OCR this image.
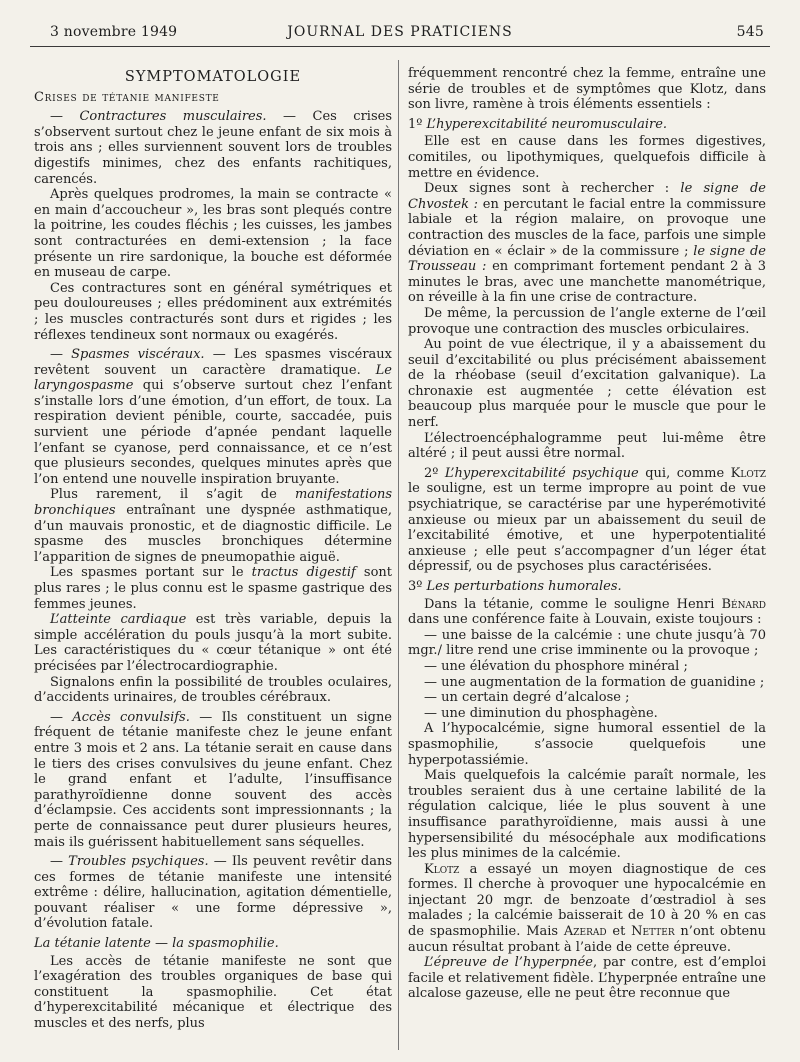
3 novembre 1949	JOURNAL DES PRATICIENS	545

SYMPTOMATOLOGIE

Crises de tétanie manifeste

— Contractures musculaires. — Ces crises s’observent surtout chez le jeune enfant de six mois à trois ans ; elles surviennent souvent lors de troubles digestifs minimes, chez des enfants rachitiques, carencés.

Après quelques prodromes, la main se contracte « en main d’accoucheur », les bras sont plequés contre la poitrine, les coudes fléchis ; les cuisses, les jambes sont contracturées en demi-extension ; la face présente un rire sardonique, la bouche est déformée en museau de carpe.

Ces contractures sont en général symétriques et peu douloureuses ; elles prédominent aux extrémités ; les muscles contracturés sont durs et rigides ; les réflexes tendineux sont normaux ou exagérés.

— Spasmes viscéraux. — Les spasmes viscéraux revêtent souvent un caractère dramatique. Le laryngospasme qui s’observe surtout chez l’enfant s’installe lors d’une émotion, d’un effort, de toux. La respiration devient pénible, courte, saccadée, puis survient une période d’apnée pendant laquelle l’enfant se cyanose, perd connaissance, et ce n’est que plusieurs secondes, quelques minutes après que l’on entend une nouvelle inspiration bruyante.

Plus rarement, il s’agit de manifestations bronchiques entraînant une dyspnée asthmatique, d’un mauvais pronostic, et de diagnostic difficile. Le spasme des muscles bronchiques détermine l’apparition de signes de pneumopathie aiguë.

Les spasmes portant sur le tractus digestif sont plus rares ; le plus connu est le spasme gastrique des femmes jeunes.

L’atteinte cardiaque est très variable, depuis la simple accélération du pouls jusqu’à la mort subite. Les caractéristiques du « cœur tétanique » ont été précisées par l’électrocardiographie.

Signalons enfin la possibilité de troubles oculaires, d’accidents urinaires, de troubles cérébraux.

— Accès convulsifs. — Ils constituent un signe fréquent de tétanie manifeste chez le jeune enfant entre 3 mois et 2 ans. La tétanie serait en cause dans le tiers des crises convulsives du jeune enfant. Chez le grand enfant et l’adulte, l’insuffisance parathyroïdienne donne souvent des accès d’éclampsie. Ces accidents sont impressionnants ; la perte de connaissance peut durer plusieurs heures, mais ils guérissent habituellement sans séquelles.

— Troubles psychiques. — Ils peuvent revêtir dans ces formes de tétanie manifeste une intensité extrême : délire, hallucination, agitation démentielle, pouvant réaliser « une forme dépressive », d’évolution fatale.

La tétanie latente — la spasmophilie.

Les accès de tétanie manifeste ne sont que l’exagération des troubles organiques de base qui constituent la spasmophilie. Cet état d’hyperexcitabilité mécanique et électrique des muscles et des nerfs, plus

fréquemment rencontré chez la femme, entraîne une série de troubles et de symptômes que Klotz, dans son livre, ramène à trois éléments essentiels :

1º L’hyperexcitabilité neuromusculaire.

Elle est en cause dans les formes digestives, comitiles, ou lipothymiques, quelquefois difficile à mettre en évidence.

Deux signes sont à rechercher : le signe de Chvostek : en percutant le facial entre la commissure labiale et la région malaire, on provoque une contraction des muscles de la face, parfois une simple déviation en « éclair » de la commissure ; le signe de Trousseau : en comprimant fortement pendant 2 à 3 minutes le bras, avec une manchette manométrique, on réveille à la fin une crise de contracture.

De même, la percussion de l’angle externe de l’œil provoque une contraction des muscles orbiculaires.

Au point de vue électrique, il y a abaissement du seuil d’excitabilité ou plus précisément abaissement de la rhéobase (seuil d’excitation galvanique). La chronaxie est augmentée ; cette élévation est beaucoup plus marquée pour le muscle que pour le nerf.

L’électroencéphalogramme peut lui-même être altéré ; il peut aussi être normal.

2º L’hyperexcitabilité psychique qui, comme Klotz le souligne, est un terme impropre au point de vue psychiatrique, se caractérise par une hyperémotivité anxieuse ou mieux par un abaissement du seuil de l’excitabilité émotive, et une hyperpotentialité anxieuse ; elle peut s’accompagner d’un léger état dépressif, ou de psychoses plus caractérisées.

3º Les perturbations humorales.

Dans la tétanie, comme le souligne Henri Bénard dans une conférence faite à Louvain, existe toujours :

— une baisse de la calcémie : une chute jusqu’à 70 mgr./ litre rend une crise imminente ou la provoque ;

— une élévation du phosphore minéral ;

— une augmentation de la formation de guanidine ;

— un certain degré d’alcalose ;

— une diminution du phosphagène.

A l’hypocalcémie, signe humoral essentiel de la spasmophilie, s’associe quelquefois une hyperpotassiémie.

Mais quelquefois la calcémie paraît normale, les troubles seraient dus à une certaine labilité de la régulation calcique, liée le plus souvent à une insuffisance parathyroïdienne, mais aussi à une hypersensibilité du mésocéphale aux modifications les plus minimes de la calcémie.

Klotz a essayé un moyen diagnostique de ces formes. Il cherche à provoquer une hypocalcémie en injectant 20 mgr. de benzoate d’œstradiol à ses malades ; la calcémie baisserait de 10 à 20 % en cas de spasmophilie. Mais Azerad et Netter n’ont obtenu aucun résultat probant à l’aide de cette épreuve.

L’épreuve de l’hyperpnée, par contre, est d’emploi facile et relativement fidèle. L’hyperpnée entraîne une alcalose gazeuse, elle ne peut être reconnue que
